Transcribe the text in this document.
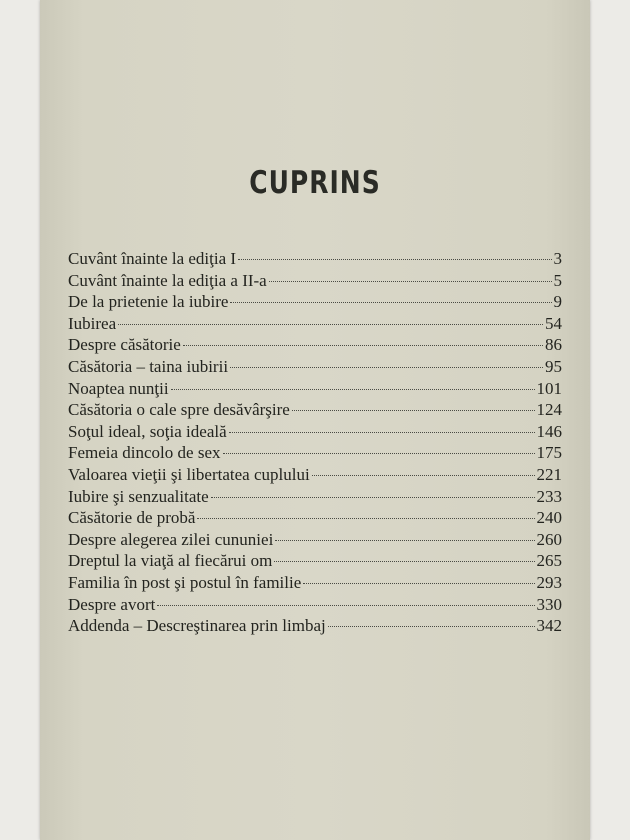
CUPRINS
Cuvânt înainte la ediţia I	3
Cuvânt înainte la ediţia a II-a	5
De la prietenie la iubire	9
Iubirea	54
Despre căsătorie	86
Căsătoria – taina iubirii	95
Noaptea nunţii	101
Căsătoria o cale spre desăvârşire	124
Soţul ideal, soţia ideală	146
Femeia dincolo de sex	175
Valoarea vieţii şi libertatea cuplului	221
Iubire şi senzualitate	233
Căsătorie de probă	240
Despre alegerea zilei cununiei	260
Dreptul la viaţă al fiecărui om	265
Familia în post şi postul în familie	293
Despre avort	330
Addenda – Descreştinarea prin limbaj	342
